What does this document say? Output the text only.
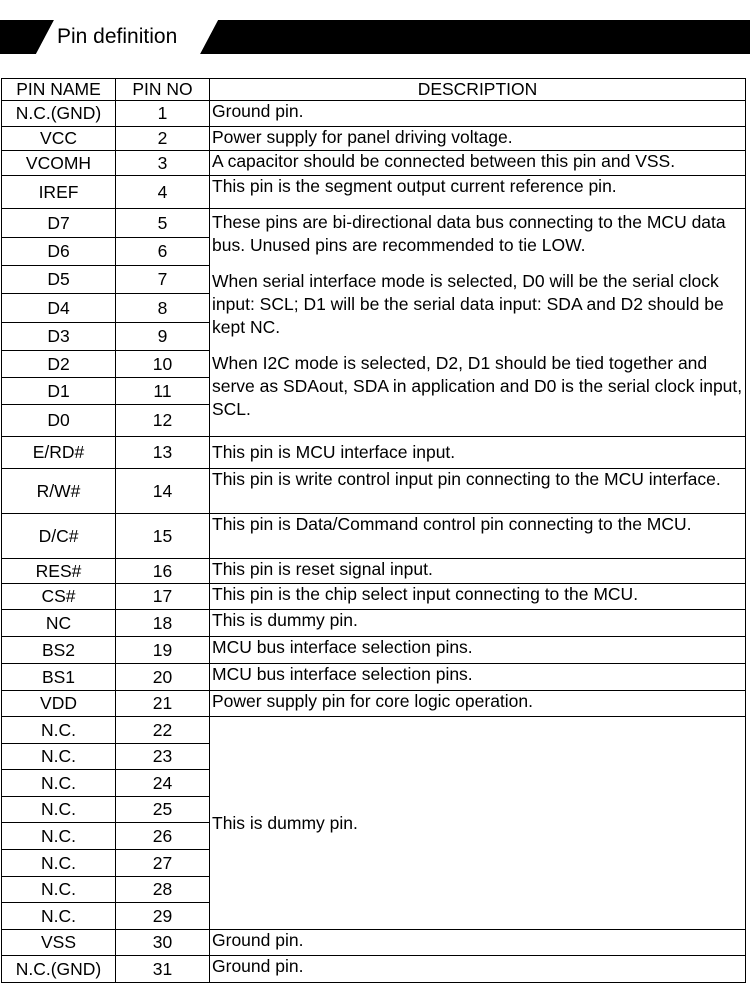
Pin definition
PIN NAME	PIN NO	DESCRIPTION
N.C.(GND)	1	Ground pin.
VCC	2	Power supply for panel driving voltage.
VCOMH	3	A capacitor should be connected between this pin and VSS.
IREF	4	This pin is the segment output current reference pin.
D7	5	These pins are bi-directional data bus connecting to the MCU data bus. Unused pins are recommended to tie LOW.
When serial interface mode is selected, D0 will be the serial clock input: SCL; D1 will be the serial data input: SDA and D2 should be kept NC.
When I2C mode is selected, D2, D1 should be tied together and serve as SDAout, SDA in application and D0 is the serial clock input, SCL.

D6	6	
D5	7	
D4	8	
D3	9	
D2	10	
D1	11	
D0	12	
E/RD#	13	This pin is MCU interface input.
R/W#	14	This pin is write control input pin connecting to the MCU interface.
D/C#	15	This pin is Data/Command control pin connecting to the MCU.
RES#	16	This pin is reset signal input.
CS#	17	This pin is the chip select input connecting to the MCU.
NC	18	This is dummy pin.
BS2	19	MCU bus interface selection pins.
BS1	20	MCU bus interface selection pins.
VDD	21	Power supply pin for core logic operation.
N.C.	22	This is dummy pin.
N.C.	23	
N.C.	24	
N.C.	25	
N.C.	26	
N.C.	27	
N.C.	28	
N.C.	29	
VSS	30	Ground pin.
N.C.(GND)	31	Ground pin.
